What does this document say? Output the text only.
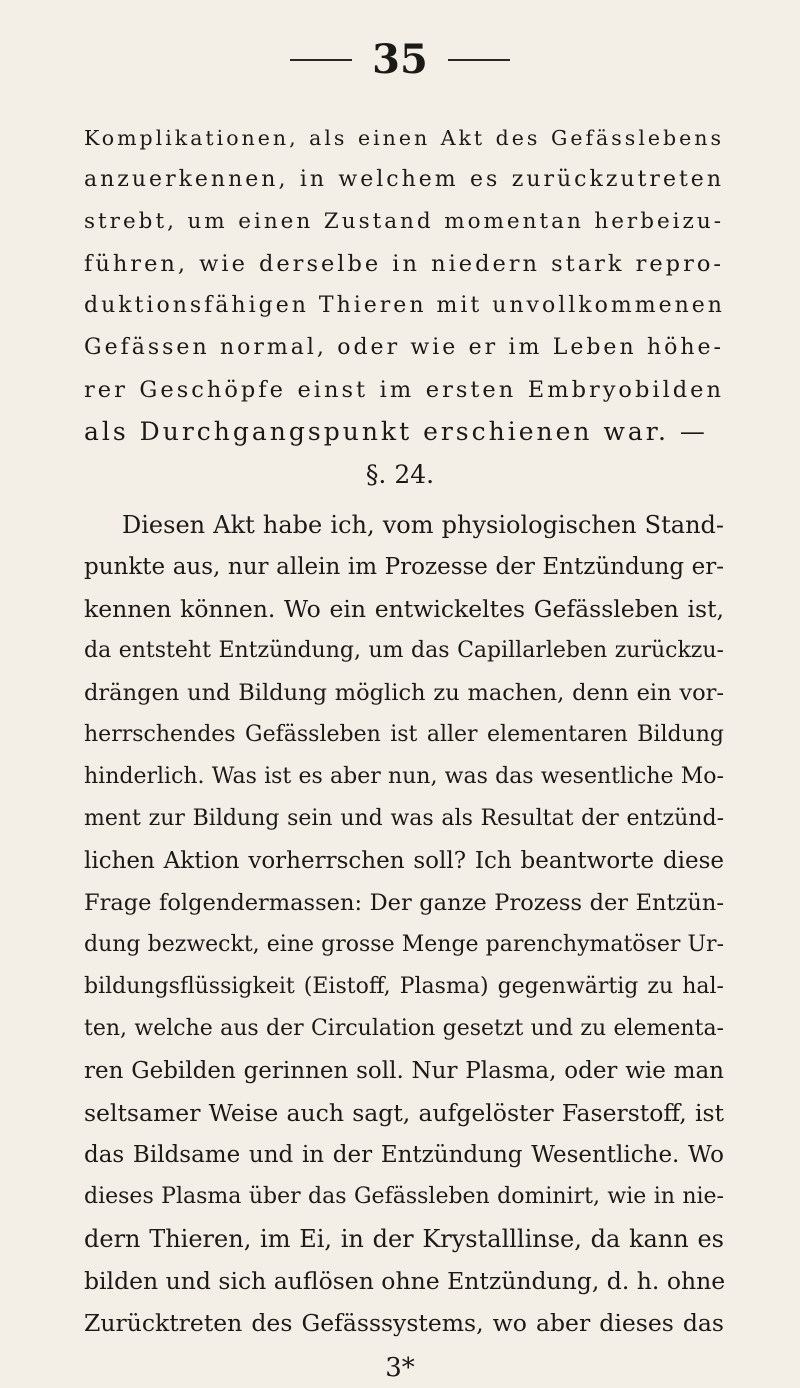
35

Komplikationen, als einen Akt des Gefässlebens

anzuerkennen, in welchem es zurückzutreten

strebt, um einen Zustand momentan herbeizu-

führen, wie derselbe in niedern stark repro-

duktionsfähigen Thieren mit unvollkommenen

Gefässen normal, oder wie er im Leben höhe-

rer Geschöpfe einst im ersten Embryobilden

als Durchgangspunkt erschienen war. —

§. 24.

Diesen Akt habe ich, vom physiologischen Stand-

punkte aus, nur allein im Prozesse der Entzündung er-

kennen können. Wo ein entwickeltes Gefässleben ist,

da entsteht Entzündung, um das Capillarleben zurückzu-

drängen und Bildung möglich zu machen, denn ein vor-

herrschendes Gefässleben ist aller elementaren Bildung

hinderlich. Was ist es aber nun, was das wesentliche Mo-

ment zur Bildung sein und was als Resultat der entzünd-

lichen Aktion vorherrschen soll? Ich beantworte diese

Frage folgendermassen: Der ganze Prozess der Entzün-

dung bezweckt, eine grosse Menge parenchymatöser Ur-

bildungsflüssigkeit (Eistoff, Plasma) gegenwärtig zu hal-

ten, welche aus der Circulation gesetzt und zu elementa-

ren Gebilden gerinnen soll. Nur Plasma, oder wie man

seltsamer Weise auch sagt, aufgelöster Faserstoff, ist

das Bildsame und in der Entzündung Wesentliche. Wo

dieses Plasma über das Gefässleben dominirt, wie in nie-

dern Thieren, im Ei, in der Krystalllinse, da kann es

bilden und sich auflösen ohne Entzündung, d. h. ohne

Zurücktreten des Gefässsystems, wo aber dieses das

3*
